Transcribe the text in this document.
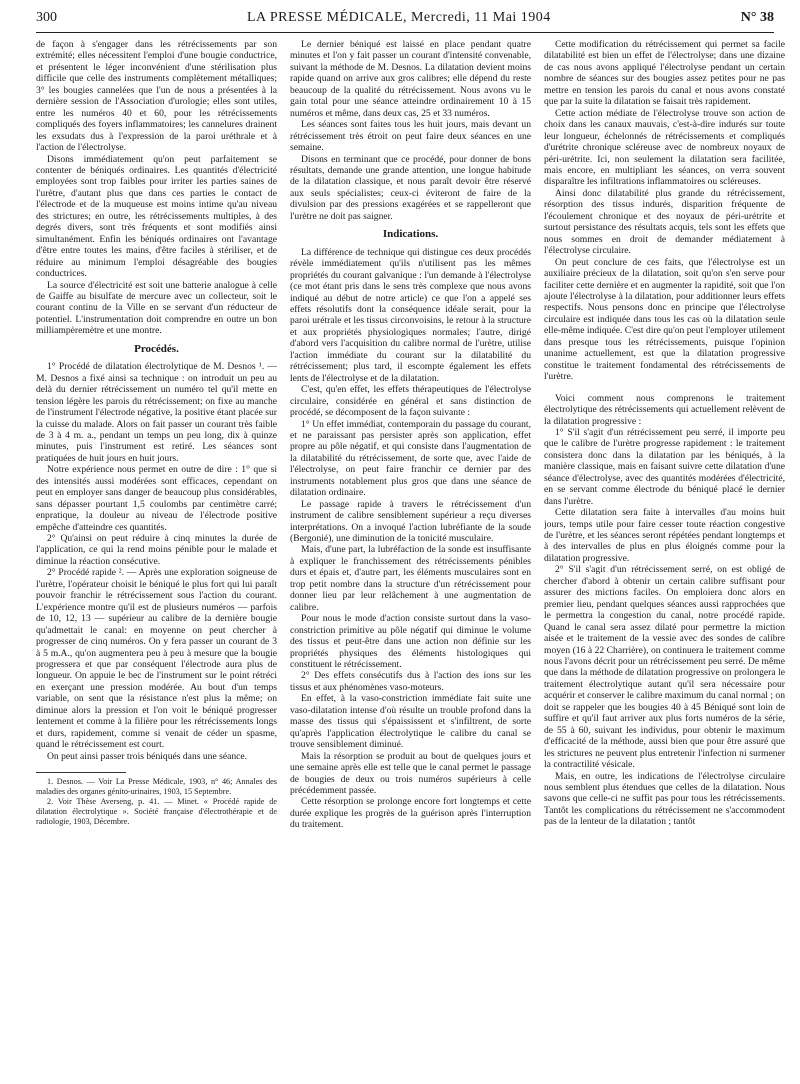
300	LA PRESSE MÉDICALE, Mercredi, 11 Mai 1904	N° 38

de façon à s'engager dans les rétrécissements par son extrémité; elles nécessitent l'emploi d'une bougie conductrice, et présentent le léger inconvénient d'une stérilisation plus difficile que celle des instruments complètement métalliques; 3° les bougies cannelées que l'un de nous a présentées à la dernière session de l'Association d'urologie; elles sont utiles, entre les numéros 40 et 60, pour les rétrécissements compliqués des foyers inflammatoires; les cannelures drainent les exsudats dus à l'expression de la paroi uréthrale et à l'action de l'électrolyse.

Disons immédiatement qu'on peut parfaitement se contenter de béniqués ordinaires. Les quantités d'électricité employées sont trop faibles pour irriter les parties saines de l'urètre, d'autant plus que dans ces parties le contact de l'électrode et de la muqueuse est moins intime qu'au niveau des strictures; en outre, les rétrécissements multiples, à des degrés divers, sont très fréquents et sont modifiés ainsi simultanément. Enfin les béniqués ordinaires ont l'avantage d'être entre toutes les mains, d'être faciles à stériliser, et de réduire au minimum l'emploi désagréable des bougies conductrices.

La source d'électricité est soit une batterie analogue à celle de Gaiffe au bisulfate de mercure avec un collecteur, soit le courant continu de la Ville en se servant d'un réducteur de potentiel. L'instrumentation doit comprendre en outre un bon milliampèremètre et une montre.

Procédés.

1° Procédé de dilatation électrolytique de M. Desnos ¹. — M. Desnos a fixé ainsi sa technique : on introduit un peu au delà du dernier rétrécissement un numéro tel qu'il mette en tension légère les parois du rétrécissement; on fixe au manche de l'instrument l'électrode négative, la positive étant placée sur la cuisse du malade. Alors on fait passer un courant très faible de 3 à 4 m. a., pendant un temps un peu long, dix à quinze minutes, puis l'instrument est retiré. Les séances sont pratiquées de huit jours en huit jours.

Notre expérience nous permet en outre de dire : 1° que si des intensités aussi modérées sont efficaces, cependant on peut en employer sans danger de beaucoup plus considérables, sans dépasser pourtant 1,5 coulombs par centimètre carré; enpratique, la douleur au niveau de l'électrode positive empêche d'atteindre ces quantités.

2° Qu'ainsi on peut réduire à cinq minutes la durée de l'application, ce qui la rend moins pénible pour le malade et diminue la réaction consécutive.

2° Procédé rapide ². — Après une exploration soigneuse de l'urètre, l'opérateur choisit le béniqué le plus fort qui lui paraît pouvoir franchir le rétrécissement sous l'action du courant. L'expérience montre qu'il est de plusieurs numéros — parfois de 10, 12, 13 — supérieur au calibre de la dernière bougie qu'admettait le canal: en moyenne on peut chercher à progresser de cinq numéros. On y fera passer un courant de 3 à 5 m.A., qu'on augmentera peu à peu à mesure que la bougie progressera et que par conséquent l'électrode aura plus de longueur. On appuie le bec de l'instrument sur le point rétréci en exerçant une pression modérée. Au bout d'un temps variable, on sent que la résistance n'est plus la même; on diminue alors la pression et l'on voit le béniqué progresser lentement et comme à la filière pour les rétrécissements longs et durs, rapidement, comme si venait de céder un spasme, quand le rétrécissement est court.

On peut ainsi passer trois béniqués dans une séance.

1. Desnos. — Voir La Presse Médicale, 1903, n° 46; Annales des maladies des organes génito-urinaires, 1903, 15 Septembre.

2. Voir Thèse Averseng, p. 41. — Minet. « Procédé rapide de dilatation électrolytique ». Société française d'électrothérapie et de radiologie, 1903, Décembre.

Le dernier béniqué est laissé en place pendant quatre minutes et l'on y fait passer un courant d'intensité convenable, suivant la méthode de M. Desnos. La dilatation devient moins rapide quand on arrive aux gros calibres; elle dépend du reste beaucoup de la qualité du rétrécissement. Nous avons vu le gain total pour une séance atteindre ordinairement 10 à 15 numéros et même, dans deux cas, 25 et 33 numéros.

Les séances sont faites tous les huit jours, mais devant un rétrécissement très étroit on peut faire deux séances en une semaine.

Disons en terminant que ce procédé, pour donner de bons résultats, demande une grande attention, une longue habitude de la dilatation classique, et nous paraît devoir être réservé aux seuls spécialistes; ceux-ci éviteront de faire de la divulsion par des pressions exagérées et se rappelleront que l'urètre ne doit pas saigner.

Indications.

La différence de technique qui distingue ces deux procédés révèle immédiatement qu'ils n'utilisent pas les mêmes propriétés du courant galvanique : l'un demande à l'électrolyse (ce mot étant pris dans le sens très complexe que nous avons indiqué au début de notre article) ce que l'on a appelé ses effets résolutifs dont la conséquence idéale serait, pour la paroi urétrale et les tissus circonvoisins, le retour à la structure et aux propriétés physiologiques normales; l'autre, dirigé d'abord vers l'acquisition du calibre normal de l'urètre, utilise l'action immédiate du courant sur la dilatabilité du rétrécissement; plus tard, il escompte également les effets lents de l'électrolyse et de la dilatation.

C'est, qu'en effet, les effets thérapeutiques de l'électrolyse circulaire, considérée en général et sans distinction de procédé, se décomposent de la façon suivante :

1° Un effet immédiat, contemporain du passage du courant, et ne paraissant pas persister après son application, effet propre au pôle négatif, et qui consiste dans l'augmentation de la dilatabilité du rétrécissement, de sorte que, avec l'aide de l'électrolyse, on peut faire franchir ce dernier par des instruments notablement plus gros que dans une séance de dilatation ordinaire.

Le passage rapide à travers le rétrécissement d'un instrument de calibre sensiblement supérieur a reçu diverses interprétations. On a invoqué l'action lubréfiante de la soude (Bergonié), une diminution de la tonicité musculaire.

Mais, d'une part, la lubréfaction de la sonde est insuffisante à expliquer le franchissement des rétrécissements pénibles durs et épais et, d'autre part, les éléments musculaires sont en trop petit nombre dans la structure d'un rétrécissement pour donner lieu par leur relâchement à une augmentation de calibre.

Pour nous le mode d'action consiste surtout dans la vaso-constriction primitive au pôle négatif qui diminue le volume des tissus et peut-être dans une action non définie sur les propriétés physiques des éléments histologiques qui constituent le rétrécissement.

2° Des effets consécutifs dus à l'action des ions sur les tissus et aux phénomènes vaso-moteurs.

En effet, à la vaso-constriction immédiate fait suite une vaso-dilatation intense d'où résulte un trouble profond dans la masse des tissus qui s'épaississent et s'infiltrent, de sorte qu'après l'application électrolytique le calibre du canal se trouve sensiblement diminué.

Mais la résorption se produit au bout de quelques jours et une semaine après elle est telle que le canal permet le passage de bougies de deux ou trois numéros supérieurs à celle précédemment passée.

Cette résorption se prolonge encore fort longtemps et cette durée explique les progrès de la guérison après l'interruption du traitement.

Cette modification du rétrécissement qui permet sa facile dilatabilité est bien un effet de l'électrolyse; dans une dizaine de cas nous avons appliqué l'électrolyse pendant un certain nombre de séances sur des bougies assez petites pour ne pas mettre en tension les parois du canal et nous avons constaté que par la suite la dilatation se faisait très rapidement.

Cette action médiate de l'électrolyse trouve son action de choix dans les canaux mauvais, c'est-à-dire indurés sur toute leur longueur, échelonnés de rétrécissements et compliqués d'urétrite chronique scléreuse avec de nombreux noyaux de péri-urétrite. Ici, non seulement la dilatation sera facilitée, mais encore, en multipliant les séances, on verra souvent disparaître les infiltrations inflammatoires ou scléreuses.

Ainsi donc dilatabilité plus grande du rétrécissement, résorption des tissus indurés, disparition fréquente de l'écoulement chronique et des noyaux de péri-urétrite et surtout persistance des résultats acquis, tels sont les effets que nous sommes en droit de demander médiatement à l'électrolyse circulaire.

On peut conclure de ces faits, que l'électrolyse est un auxiliaire précieux de la dilatation, soit qu'on s'en serve pour faciliter cette dernière et en augmenter la rapidité, soit que l'on ajoute l'électrolyse à la dilatation, pour additionner leurs effets respectifs. Nous pensons donc en principe que l'électrolyse circulaire est indiquée dans tous les cas où la dilatation seule elle-même indiquée. C'est dire qu'on peut l'employer utilement dans presque tous les rétrécissements, puisque l'opinion unanime actuellement, est que la dilatation progressive constitue le traitement fondamental des rétrécissements de l'urètre.

Voici comment nous comprenons le traitement électrolytique des rétrécissements qui actuellement relèvent de la dilatation progressive :

1° S'il s'agit d'un rétrécissement peu serré, il importe peu que le calibre de l'urètre progresse rapidement : le traitement consistera donc dans la dilatation par les béniqués, à la manière classique, mais en faisant suivre cette dilatation d'une séance d'électrolyse, avec des quantités modérées d'électricité, en se servant comme électrode du béniqué placé le dernier dans l'urètre.

Cette dilatation sera faite à intervalles d'au moins huit jours, temps utile pour faire cesser toute réaction congestive de l'urètre, et les séances seront répétées pendant longtemps et à des intervalles de plus en plus éloignés comme pour la dilatation progressive.

2° S'il s'agit d'un rétrécissement serré, on est obligé de chercher d'abord à obtenir un certain calibre suffisant pour assurer des mictions faciles. On emploiera donc alors en premier lieu, pendant quelques séances aussi rapprochées que le permettra la congestion du canal, notre procédé rapide. Quand le canal sera assez dilaté pour permettre la miction aisée et le traitement de la vessie avec des sondes de calibre moyen (16 à 22 Charrière), on continuera le traitement comme nous l'avons décrit pour un rétrécissement peu serré. De même que dans la méthode de dilatation progressive on prolongera le traitement électrolytique autant qu'il sera nécessaire pour acquérir et conserver le calibre maximum du canal normal ; on doit se rappeler que les bougies 40 à 45 Béniqué sont loin de suffire et qu'il faut arriver aux plus forts numéros de la série, de 55 à 60, suivant les individus, pour obtenir le maximum d'efficacité de la méthode, aussi bien que pour être assuré que les strictures ne peuvent plus entretenir l'infection ni surmener la contractilité vésicale.

Mais, en outre, les indications de l'électrolyse circulaire nous semblent plus étendues que celles de la dilatation. Nous savons que celle-ci ne suffit pas pour tous les rétrécissements. Tantôt les complications du rétrécissement ne s'accommodent pas de la lenteur de la dilatation ; tantôt
